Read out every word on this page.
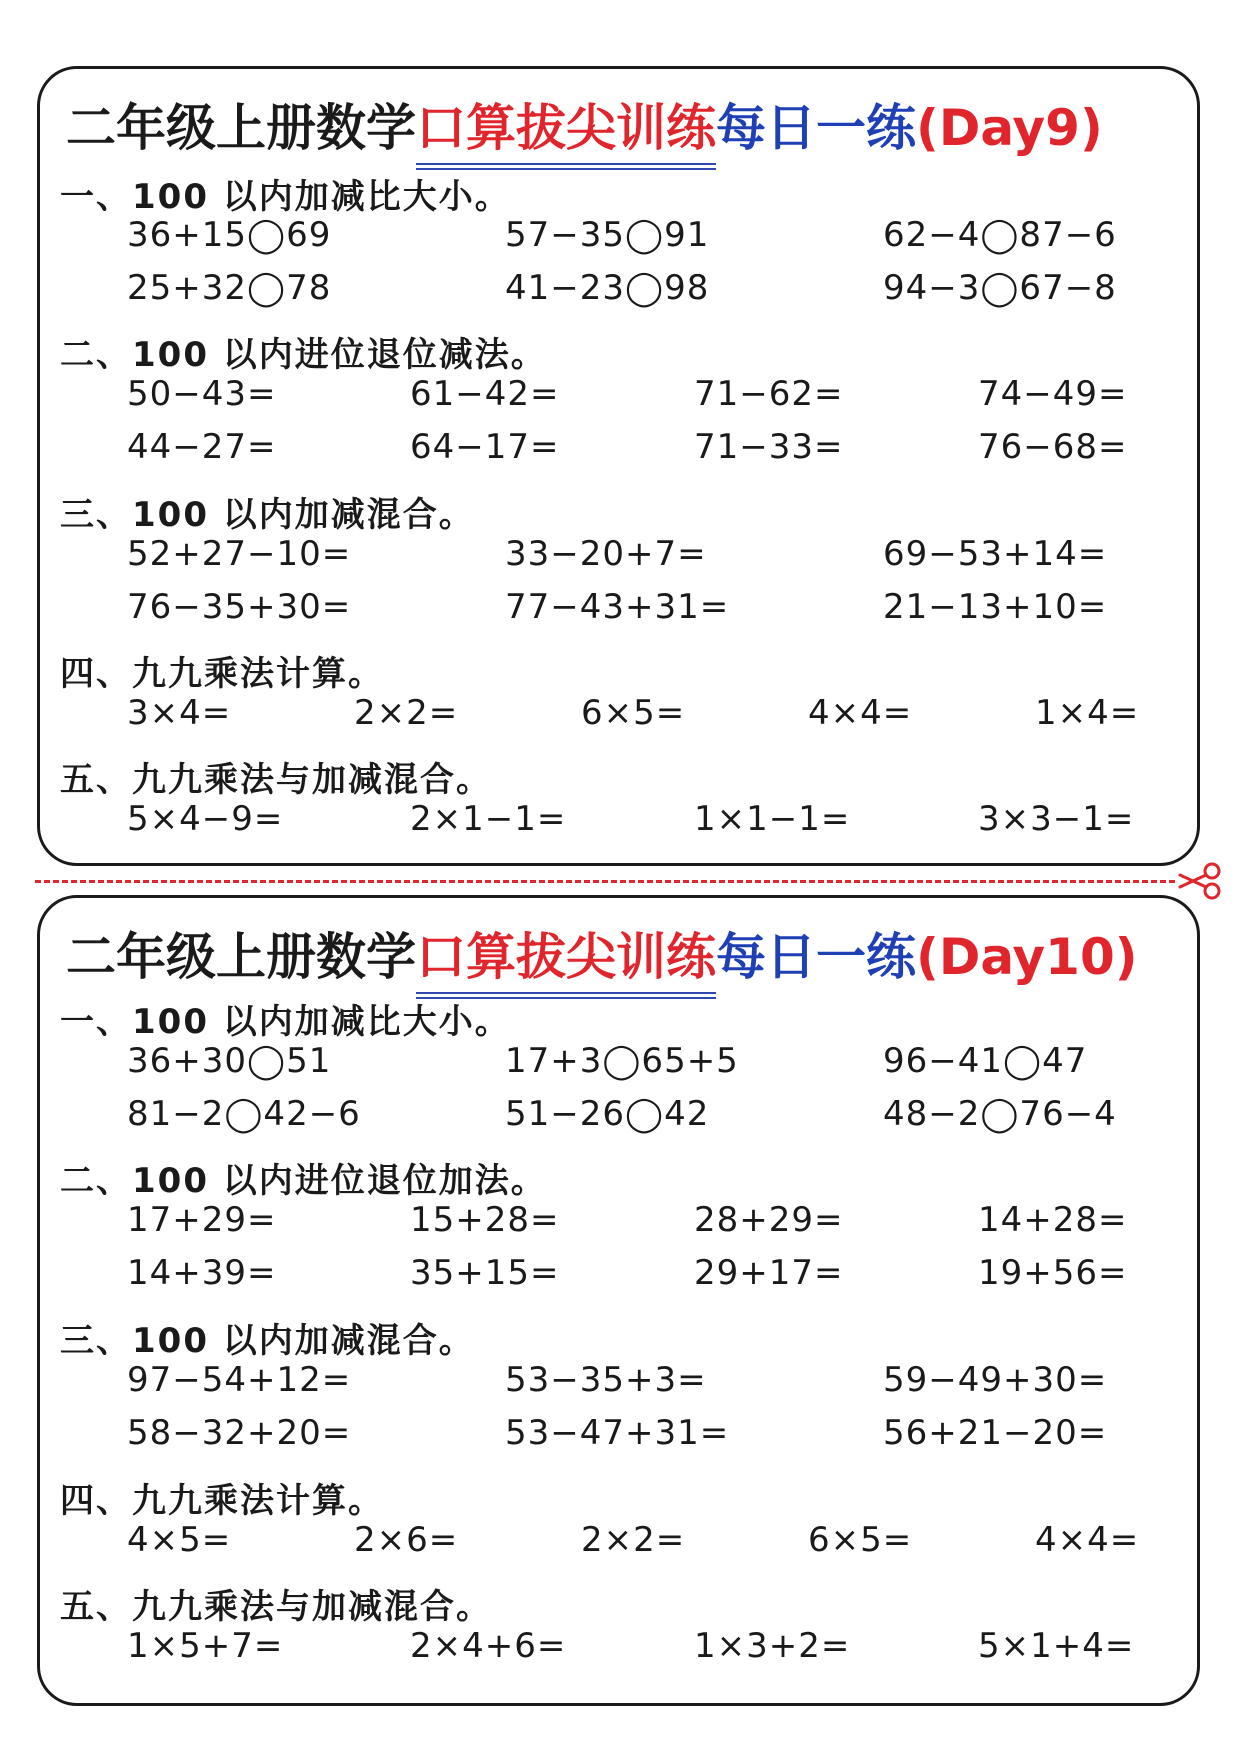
二年级上册数学口算拔尖训练每日一练(Day9)
一、100 以内加减比大小。
36+15◯69	57−35◯91	62−4◯87−6
25+32◯78	41−23◯98	94−3◯67−8
二、100 以内进位退位减法。
50−43=	61−42=	71−62=	74−49=
44−27=	64−17=	71−33=	76−68=
三、100 以内加减混合。
52+27−10=	33−20+7=	69−53+14=
76−35+30=	77−43+31=	21−13+10=
四、九九乘法计算。
3×4=	2×2=	6×5=	4×4=	1×4=
五、九九乘法与加减混合。
5×4−9=	2×1−1=	1×1−1=	3×3−1=
二年级上册数学口算拔尖训练每日一练(Day10)
一、100 以内加减比大小。
36+30◯51	17+3◯65+5	96−41◯47
81−2◯42−6	51−26◯42	48−2◯76−4
二、100 以内进位退位加法。
17+29=	15+28=	28+29=	14+28=
14+39=	35+15=	29+17=	19+56=
三、100 以内加减混合。
97−54+12=	53−35+3=	59−49+30=
58−32+20=	53−47+31=	56+21−20=
四、九九乘法计算。
4×5=	2×6=	2×2=	6×5=	4×4=
五、九九乘法与加减混合。
1×5+7=	2×4+6=	1×3+2=	5×1+4=
